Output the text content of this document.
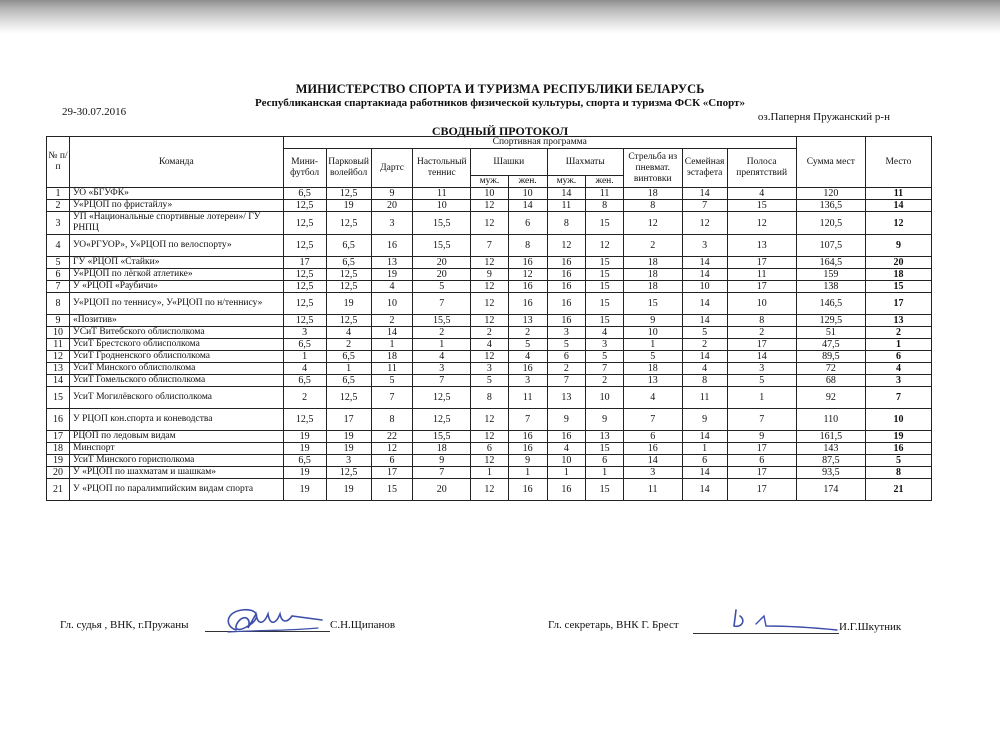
МИНИСТЕРСТВО СПОРТА И ТУРИЗМА РЕСПУБЛИКИ БЕЛАРУСЬ
Республиканская спартакиада работников физической культуры, спорта и туризма ФСК «Спорт»
29-30.07.2016	оз.Паперня Пружанский р-н
СВОДНЫЙ ПРОТОКОЛ
№ п/п	Команда	Спортивная программа											Сумма мест	Место
		Мини-футбол	Парковый волейбол	Дартс	Настольный теннис	Шашки		Шахматы		Стрельба из пневмат. винтовки	Семейная эстафета	Полоса препятствий		
						муж.	жен.	муж.	жен.					
1	УО «БГУФК»	6,5	12,5	9	11	10	10	14	11	18	14	4	120	11
2	У«РЦОП по фристайлу»	12,5	19	20	10	12	14	11	8	8	7	15	136,5	14
3	УП «Национальные спортивные лотереи»/ ГУ РНПЦ	12,5	12,5	3	15,5	12	6	8	15	12	12	12	120,5	12
4	УО«РГУОР», У«РЦОП по велоспорту»	12,5	6,5	16	15,5	7	8	12	12	2	3	13	107,5	9
5	ГУ «РЦОП «Стайки»	17	6,5	13	20	12	16	16	15	18	14	17	164,5	20
6	У«РЦОП по лёгкой атлетике»	12,5	12,5	19	20	9	12	16	15	18	14	11	159	18
7	У «РЦОП «Раубичи»	12,5	12,5	4	5	12	16	16	15	18	10	17	138	15
8	У«РЦОП по теннису», У«РЦОП по н/теннису»	12,5	19	10	7	12	16	16	15	15	14	10	146,5	17
9	«Позитив»	12,5	12,5	2	15,5	12	13	16	15	9	14	8	129,5	13
10	УСиТ Витебского облисполкома	3	4	14	2	2	2	3	4	10	5	2	51	2
11	УсиТ Брестского облисполкома	6,5	2	1	1	4	5	5	3	1	2	17	47,5	1
12	УсиТ Гродненского облисполкома	1	6,5	18	4	12	4	6	5	5	14	14	89,5	6
13	УсиТ Минского облисполкома	4	1	11	3	3	16	2	7	18	4	3	72	4
14	УсиТ Гомельского облисполкома	6,5	6,5	5	7	5	3	7	2	13	8	5	68	3
15	УсиТ Могилёвского облисполкома	2	12,5	7	12,5	8	11	13	10	4	11	1	92	7
16	У РЦОП кон.спорта и коневодства	12,5	17	8	12,5	12	7	9	9	7	9	7	110	10
17	РЦОП по ледовым видам	19	19	22	15,5	12	16	16	13	6	14	9	161,5	19
18	Минспорт	19	19	12	18	6	16	4	15	16	1	17	143	16
19	УсиТ Минского горисполкома	6,5	3	6	9	12	9	10	6	14	6	6	87,5	5
20	У «РЦОП по шахматам и шашкам»	19	12,5	17	7	1	1	1	1	3	14	17	93,5	8
21	У «РЦОП по паралимпийским видам спорта	19	19	15	20	12	16	16	15	11	14	17	174	21
Гл. судья , ВНК, г.Пружаны	С.Н.Щипанов	Гл. секретарь, ВНК Г. Брест	И.Г.Шкутник
